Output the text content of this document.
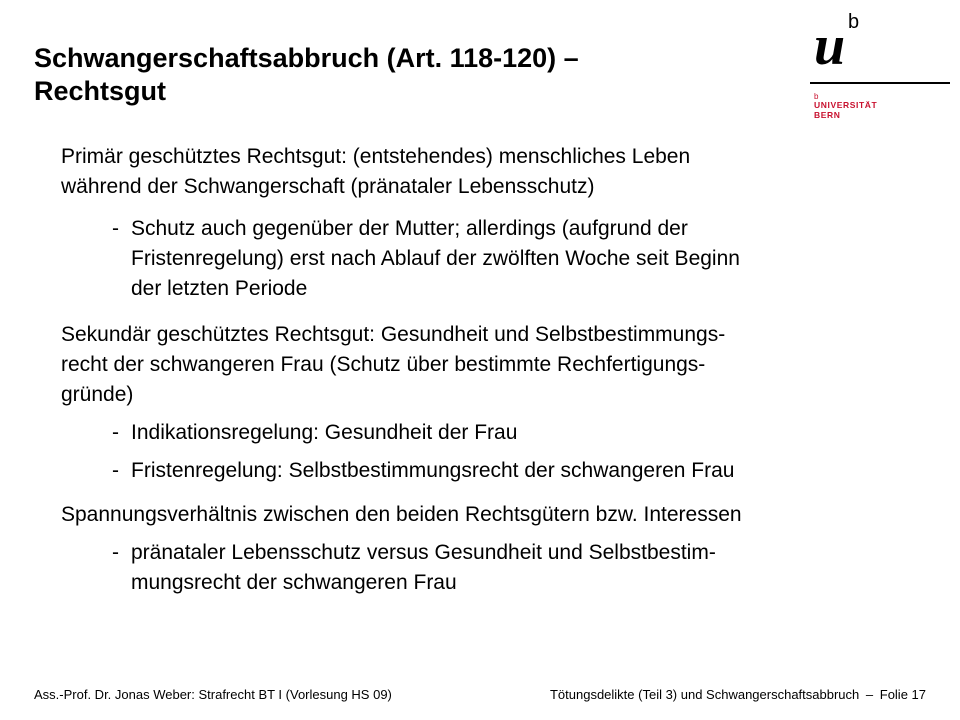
Schwangerschaftsabbruch (Art. 118-120) –
Rechtsgut
u b
b
UNIVERSITÄT
BERN

Primär geschütztes Rechtsgut: (entstehendes) menschliches Leben
während der Schwangerschaft (pränataler Lebensschutz)

- Schutz auch gegenüber der Mutter; allerdings (aufgrund der
Fristenregelung) erst nach Ablauf der zwölften Woche seit Beginn
der letzten Periode

Sekundär geschütztes Rechtsgut: Gesundheit und Selbstbestimmungs-
recht der schwangeren Frau (Schutz über bestimmte Rechfertigungs-
gründe)

- Indikationsregelung: Gesundheit der Frau
- Fristenregelung: Selbstbestimmungsrecht der schwangeren Frau

Spannungsverhältnis zwischen den beiden Rechtsgütern bzw. Interessen

- pränataler Lebensschutz versus Gesundheit und Selbstbestim-
mungsrecht der schwangeren Frau
Ass.-Prof. Dr. Jonas Weber: Strafrecht BT I (Vorlesung HS 09)	Tötungsdelikte (Teil 3) und Schwangerschaftsabbruch – Folie 17
